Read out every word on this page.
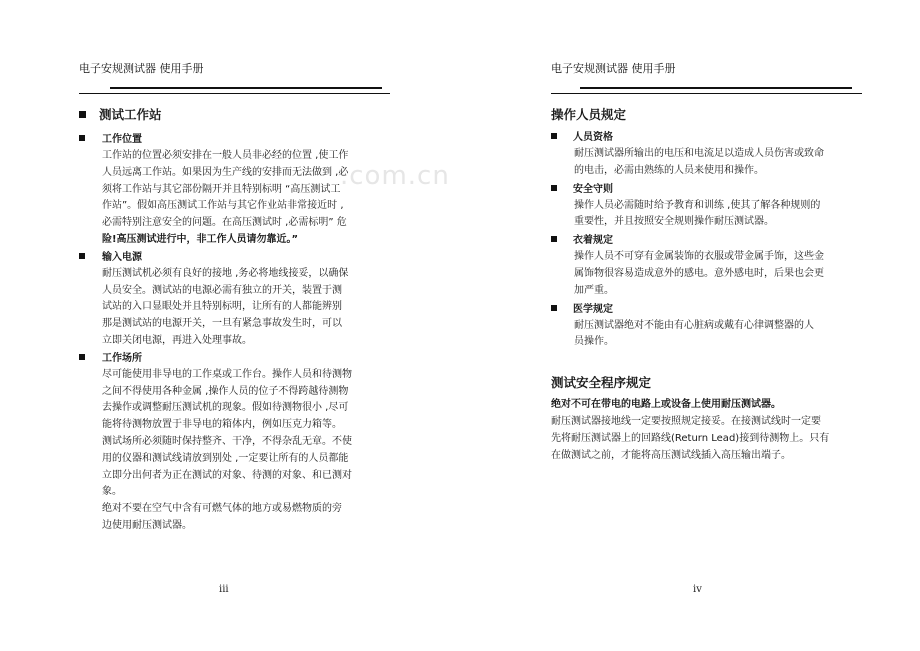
.com.cn
电子安规测试器 使用手册
测试工作站
工作位置
工作站的位置必须安排在一般人员非必经的位置 ,使工作
人员远离工作站。如果因为生产线的安排而无法做到 ,必
须将工作站与其它部份隔开并且特别标明 “高压测试工
作站”。假如高压测试工作站与其它作业站非常接近时 ,
必需特别注意安全的问题。在高压测试时 ,必需标明” 危
险!高压测试进行中，非工作人员请勿靠近。”
输入电源
耐压测试机必须有良好的接地 ,务必将地线接妥，以确保
人员安全。测试站的电源必需有独立的开关，装置于测
试站的入口显眼处并且特别标明，让所有的人都能辨别
那是测试站的电源开关，一旦有紧急事故发生时，可以
立即关闭电源，再进入处理事故。
工作场所
尽可能使用非导电的工作桌或工作台。操作人员和待测物
之间不得使用各种金属 ,操作人员的位子不得跨越待测物
去操作或调整耐压测试机的现象。假如待测物很小 ,尽可
能将待测物放置于非导电的箱体内，例如压克力箱等。
测试场所必须随时保持整齐、干净，不得杂乱无章。不使
用的仪器和测试线请放到别处 ,一定要让所有的人员都能
立即分出何者为正在测试的对象、待测的对象、和已测对
象。
绝对不要在空气中含有可燃气体的地方或易燃物质的旁
边使用耐压测试器。
iii
电子安规测试器 使用手册
操作人员规定
人员资格
耐压测试器所输出的电压和电流足以造成人员伤害或致命
的电击，必需由熟练的人员来使用和操作。
安全守则
操作人员必需随时给予教育和训练 ,使其了解各种规则的
重要性，并且按照安全规则操作耐压测试器。
衣着规定
操作人员不可穿有金属装饰的衣服或带金属手饰，这些金
属饰物很容易造成意外的感电。意外感电时，后果也会更
加严重。
医学规定
耐压测试器绝对不能由有心脏病或戴有心律调整器的人
员操作。
测试安全程序规定
绝对不可在带电的电路上或设备上使用耐压测试器。
耐压测试器接地线一定要按照规定接妥。在接测试线时一定要
先将耐压测试器上的回路线(Return Lead)接到待测物上。只有
在做测试之前，才能将高压测试线插入高压输出端子。
iv
